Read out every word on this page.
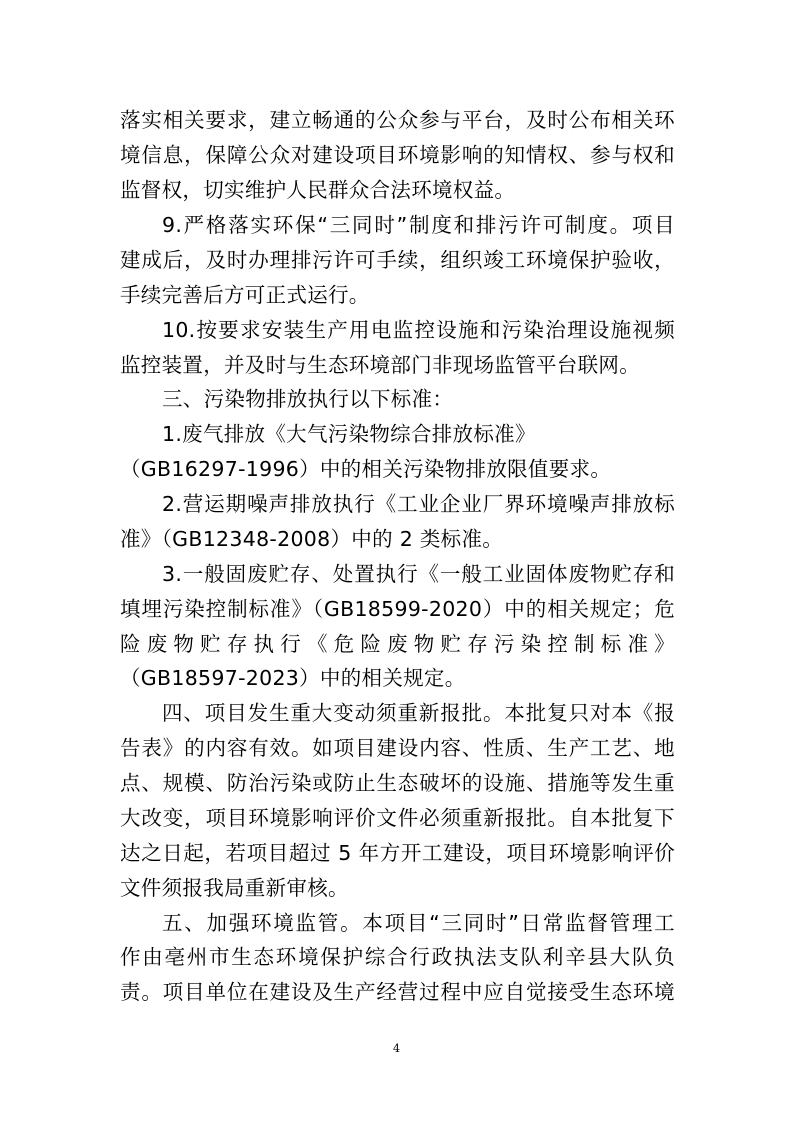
落实相关要求，建立畅通的公众参与平台，及时公布相关环
境信息，保障公众对建设项目环境影响的知情权、参与权和
监督权，切实维护人民群众合法环境权益。
9.严格落实环保“三同时”制度和排污许可制度。项目
建成后，及时办理排污许可手续，组织竣工环境保护验收，
手续完善后方可正式运行。
10.按要求安装生产用电监控设施和污染治理设施视频
监控装置，并及时与生态环境部门非现场监管平台联网。
三、污染物排放执行以下标准：
1.废气排放《大气污染物综合排放标准》
（GB16297-1996）中的相关污染物排放限值要求。
2.营运期噪声排放执行《工业企业厂界环境噪声排放标
准》（GB12348-2008）中的 2 类标准。
3.一般固废贮存、处置执行《一般工业固体废物贮存和
填埋污染控制标准》（GB18599-2020）中的相关规定；危
险废物贮存执行《危险废物贮存污染控制标准》
（GB18597-2023）中的相关规定。
四、项目发生重大变动须重新报批。本批复只对本《报
告表》的内容有效。如项目建设内容、性质、生产工艺、地
点、规模、防治污染或防止生态破坏的设施、措施等发生重
大改变，项目环境影响评价文件必须重新报批。自本批复下
达之日起，若项目超过 5 年方开工建设，项目环境影响评价
文件须报我局重新审核。
五、加强环境监管。本项目“三同时”日常监督管理工
作由亳州市生态环境保护综合行政执法支队利辛县大队负
责。项目单位在建设及生产经营过程中应自觉接受生态环境
4
